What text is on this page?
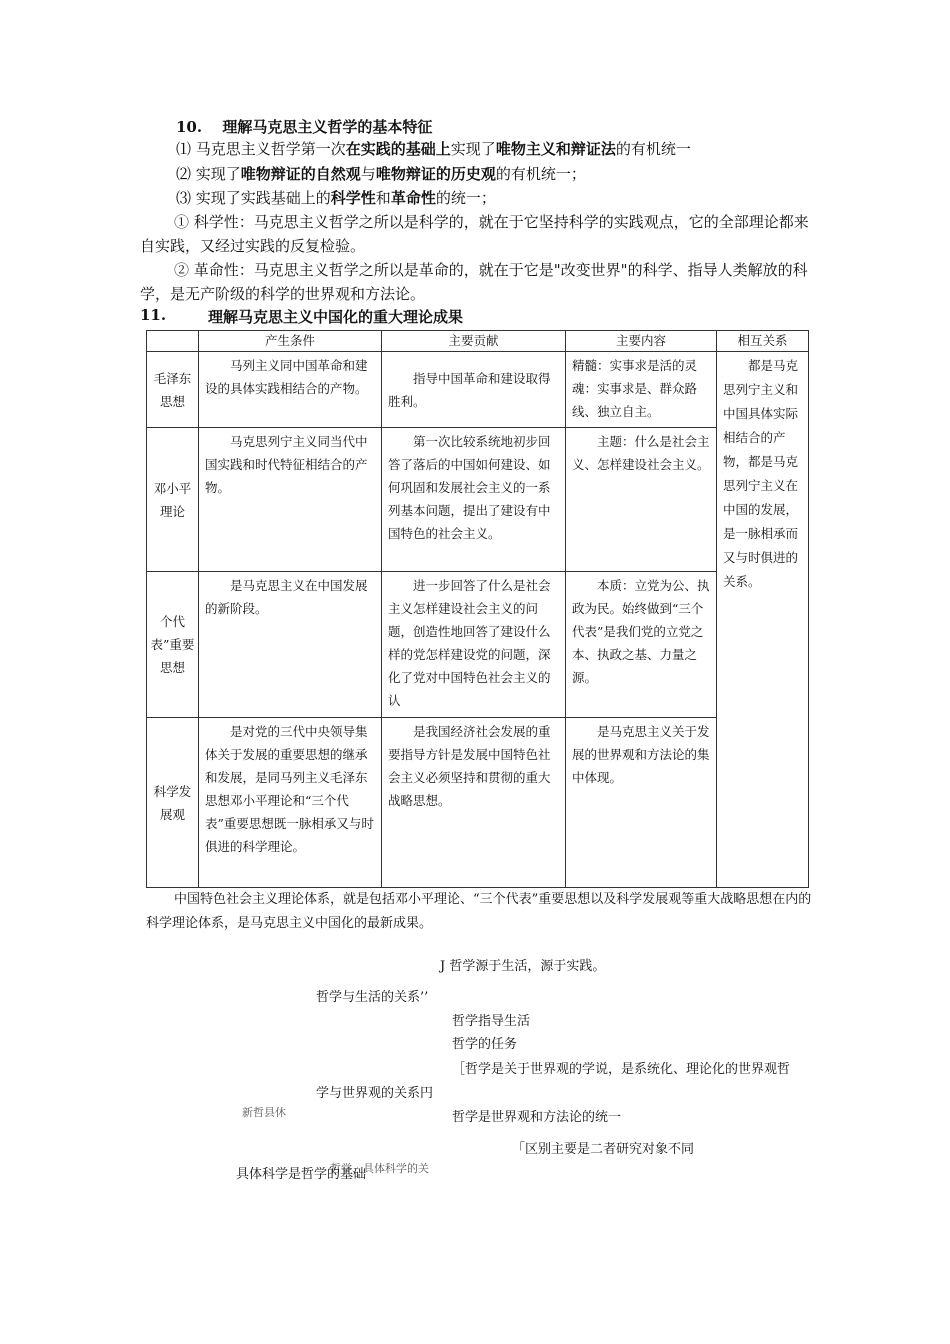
10.　 理解马克思主义哲学的基本特征
⑴ 马克思主义哲学第一次在实践的基础上实现了唯物主义和辩证法的有机统一
⑵ 实现了唯物辩证的自然观与唯物辩证的历史观的有机统一；
⑶ 实现了实践基础上的科学性和革命性的统一；
① 科学性：马克思主义哲学之所以是科学的，就在于它坚持科学的实践观点，它的全部理论都来自实践，又经过实践的反复检验。
② 革命性：马克思主义哲学之所以是革命的，就在于它是"改变世界"的科学、指导人类解放的科学，是无产阶级的科学的世界观和方法论。
11.	理解马克思主义中国化的重大理论成果
	产生条件	主要贡献	主要内容	相互关系
毛泽东思想	马列主义同中国革命和建设的具体实践相结合的产物。	指导中国革命和建设取得胜利。	精髓：实事求是活的灵魂：实事求是、群众路线、独立自主。	都是马克思列宁主义和中国具体实际相结合的产物，都是马克思列宁主义在中国的发展，是一脉相承而又与时俱进的关系。
邓小平理论	马克思列宁主义同当代中国实践和时代特征相结合的产物。	第一次比较系统地初步回答了落后的中国如何建设、如何巩固和发展社会主义的一系列基本问题，提出了建设有中国特色的社会主义。	主题：什么是社会主义、怎样建设社会主义。	
个代表”重要思想	是马克思主义在中国发展的新阶段。	进一步回答了什么是社会主义怎样建设社会主义的问题，创造性地回答了建设什么样的党怎样建设党的问题，深化了党对中国特色社会主义的认	本质：立党为公、执政为民。始终做到“三个代表”是我们党的立党之本、执政之基、力量之源。	
科学发展观	是对党的三代中央领导集体关于发展的重要思想的继承和发展，是同马列主义毛泽东思想邓小平理论和“三个代表”重要思想既一脉相承又与时俱进的科学理论。	是我国经济社会发展的重要指导方针是发展中国特色社会主义必须坚持和贯彻的重大战略思想。	是马克思主义关于发展的世界观和方法论的集中体现。	
中国特色社会主义理论体系，就是包括邓小平理论、“三个代表”重要思想以及科学发展观等重大战略思想在内的科学理论体系，是马克思主义中国化的最新成果。
J 哲学源于生活，源于实践。
哲学与生活的关系’’
哲学指导生活
哲学的任务
［哲学是关于世界观的学说，是系统化、理论化的世界观哲
学与世界观的关系円
新哲县休	哲学是世界观和方法论的统一
「区别主要是二者研究对象不同
哲学、具体科学的关
具体科学是哲学的基础
